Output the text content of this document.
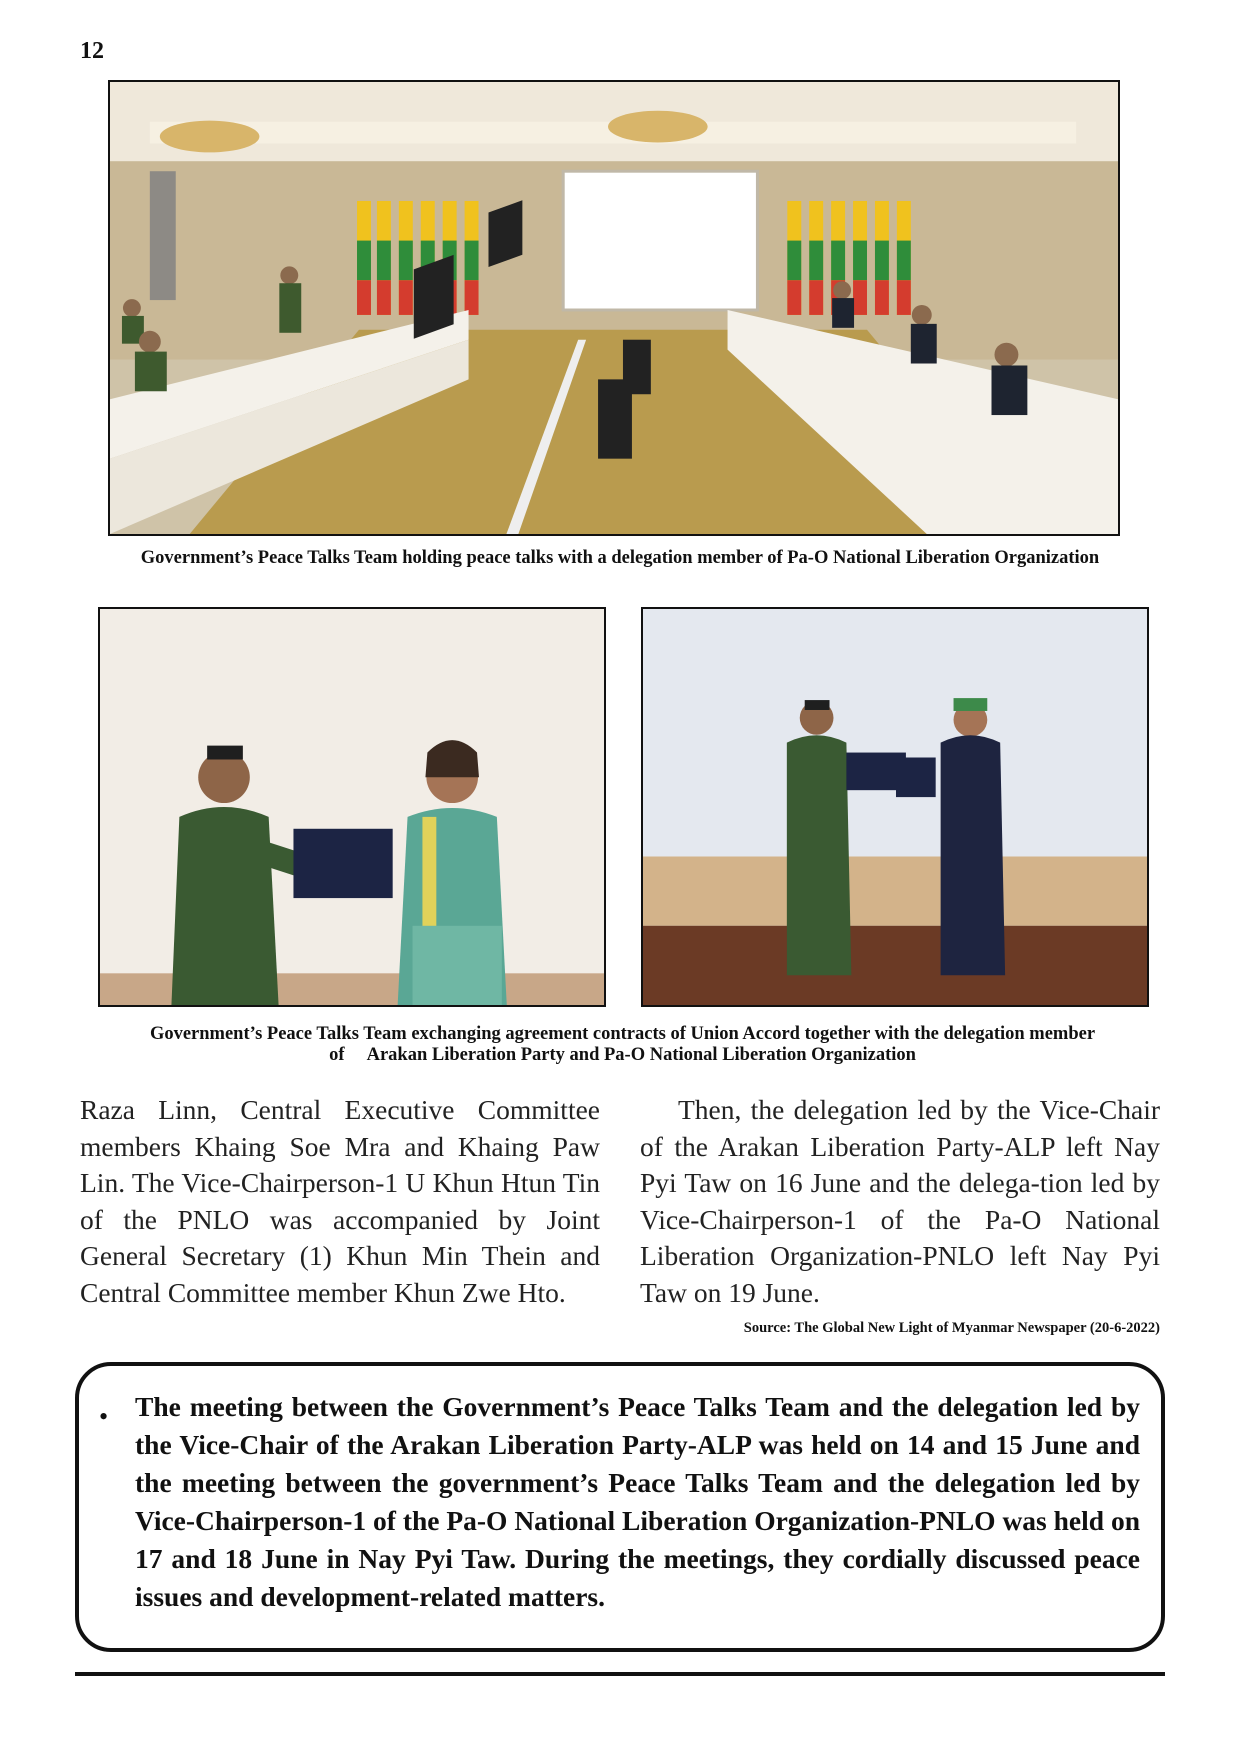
12
Government’s Peace Talks Team holding peace talks with a delegation member of Pa-O National Liberation Organization
Government’s Peace Talks Team exchanging agreement contracts of Union Accord together with the delegation member
of     Arakan Liberation Party and Pa-O National Liberation Organization

Raza Linn, Central Executive Committee members Khaing Soe Mra and Khaing Paw Lin. The Vice-Chairperson-1 U Khun Htun Tin of the PNLO was accompanied by Joint General Secretary (1) Khun Min Thein and Central Committee member Khun Zwe Hto.

Then, the delegation led by the Vice-Chair of the Arakan Liberation Party-ALP left Nay Pyi Taw on 16 June and the delega-tion led by Vice-Chairperson-1 of the Pa-O National Liberation Organization-PNLO left Nay Pyi Taw on 19 June.

Source: The Global New Light of Myanmar Newspaper (20-6-2022)
• The meeting between the Government’s Peace Talks Team and the delegation led by the Vice-Chair of the Arakan Liberation Party-ALP was held on 14 and 15 June and the meeting between the government’s Peace Talks Team and the delegation led by Vice-Chairperson-1 of the Pa-O National Liberation Organization-PNLO was held on 17 and 18 June in Nay Pyi Taw. During the meetings, they cordially discussed peace issues and development-related matters.
